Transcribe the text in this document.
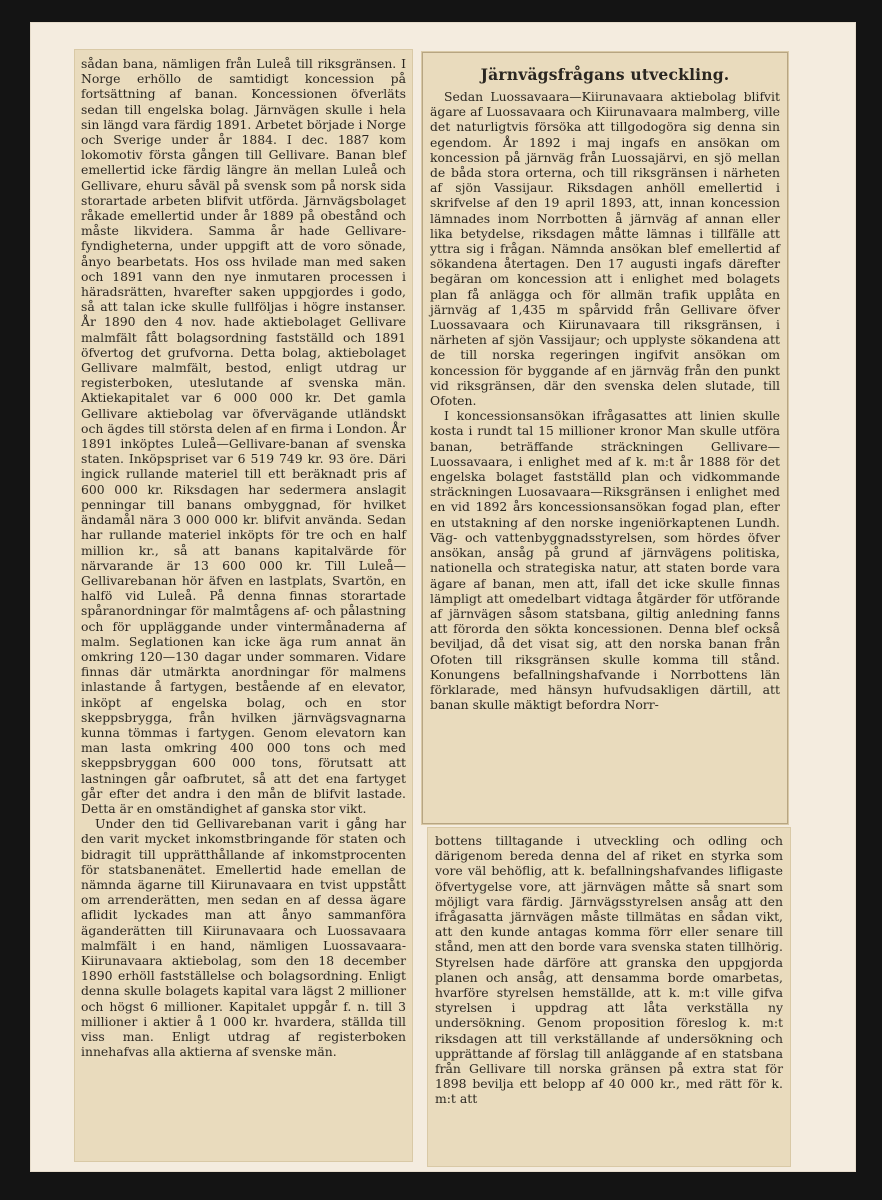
sådan bana, nämligen från Luleå till riksgränsen. I Norge erhöllo de samtidigt koncession på fortsättning af banan. Koncessionen öfverläts sedan till engelska bolag. Järnvägen skulle i hela sin längd vara färdig 1891. Arbetet började i Norge och Sverige under år 1884. I dec. 1887 kom lokomotiv första gången till Gellivare. Banan blef emellertid icke färdig längre än mellan Luleå och Gellivare, ehuru såväl på svensk som på norsk sida storartade arbeten blifvit utförda. Järnvägsbolaget råkade emellertid under år 1889 på obestånd och måste likvidera. Samma år hade Gellivare-fyndigheterna, under uppgift att de voro sönade, ånyo bearbetats. Hos oss hvilade man med saken och 1891 vann den nye inmutaren processen i häradsrätten, hvarefter saken uppgjordes i godo, så att talan icke skulle fullföljas i högre instanser. År 1890 den 4 nov. hade aktiebolaget Gellivare malmfält fått bolagsordning fastställd och 1891 öfvertog det grufvorna. Detta bolag, aktiebolaget Gellivare malmfält, bestod, enligt utdrag ur registerboken, uteslutande af svenska män. Aktiekapitalet var 6 000 000 kr. Det gamla Gellivare aktiebolag var öfvervägande utländskt och ägdes till största delen af en firma i London. År 1891 inköptes Luleå—Gellivare-banan af svenska staten. Inköpspriset var 6 519 749 kr. 93 öre. Däri ingick rullande materiel till ett beräknadt pris af 600 000 kr. Riksdagen har sedermera anslagit penningar till banans ombyggnad, för hvilket ändamål nära 3 000 000 kr. blifvit använda. Sedan har rullande materiel inköpts för tre och en half million kr., så att banans kapitalvärde för närvarande är 13 600 000 kr. Till Luleå—Gellivarebanan hör äfven en lastplats, Svartön, en halfö vid Luleå. På denna finnas storartade spåranordningar för malmtågens af- och pålastning och för uppläggande under vintermånaderna af malm. Seglationen kan icke äga rum annat än omkring 120—130 dagar under sommaren. Vidare finnas där utmärkta anordningar för malmens inlastande å fartygen, bestående af en elevator, inköpt af engelska bolag, och en stor skeppsbrygga, från hvilken järnvägsvagnarna kunna tömmas i fartygen. Genom elevatorn kan man lasta omkring 400 000 tons och med skeppsbryggan 600 000 tons, förutsatt att lastningen går oafbrutet, så att det ena fartyget går efter det andra i den mån de blifvit lastade. Detta är en omständighet af ganska stor vikt.

Under den tid Gellivarebanan varit i gång har den varit mycket inkomstbringande för staten och bidragit till upprätthållande af inkomstprocenten för statsbanenätet. Emellertid hade emellan de nämnda ägarne till Kiirunavaara en tvist uppstått om arrenderätten, men sedan en af dessa ägare aflidit lyckades man att ånyo sammanföra äganderätten till Kiirunavaara och Luossavaara malmfält i en hand, nämligen Luossavaara-Kiirunavaara aktiebolag, som den 18 december 1890 erhöll fastställelse och bolagsordning. Enligt denna skulle bolagets kapital vara lägst 2 millioner och högst 6 millioner. Kapitalet uppgår f. n. till 3 millioner i aktier å 1 000 kr. hvardera, ställda till viss man. Enligt utdrag af registerboken innehafvas alla aktierna af svenske män.

Järnvägsfrågans utveckling.

Sedan Luossavaara—Kiirunavaara aktiebolag blifvit ägare af Luossavaara och Kiirunavaara malmberg, ville det naturligtvis försöka att tillgodogöra sig denna sin egendom. År 1892 i maj ingafs en ansökan om koncession på järnväg från Luossajärvi, en sjö mellan de båda stora orterna, och till riksgränsen i närheten af sjön Vassijaur. Riksdagen anhöll emellertid i skrifvelse af den 19 april 1893, att, innan koncession lämnades inom Norrbotten å järnväg af annan eller lika betydelse, riksdagen måtte lämnas i tillfälle att yttra sig i frågan. Nämnda ansökan blef emellertid af sökandena återtagen. Den 17 augusti ingafs därefter begäran om koncession att i enlighet med bolagets plan få anlägga och för allmän trafik upplåta en järnväg af 1,435 m spårvidd från Gellivare öfver Luossavaara och Kiirunavaara till riksgränsen, i närheten af sjön Vassijaur; och upplyste sökandena att de till norska regeringen ingifvit ansökan om koncession för byggande af en järnväg från den punkt vid riksgränsen, där den svenska delen slutade, till Ofoten.

I koncessionsansökan ifrågasattes att linien skulle kosta i rundt tal 15 millioner kronor Man skulle utföra banan, beträffande sträckningen Gellivare—Luossavaara, i enlighet med af k. m:t år 1888 för det engelska bolaget fastställd plan och vidkommande sträckningen Luosavaara—Riksgränsen i enlighet med en vid 1892 års koncessionsansökan fogad plan, efter en utstakning af den norske ingeniörkaptenen Lundh. Väg- och vattenbyggnadsstyrelsen, som hördes öfver ansökan, ansåg på grund af järnvägens politiska, nationella och strategiska natur, att staten borde vara ägare af banan, men att, ifall det icke skulle finnas lämpligt att omedelbart vidtaga åtgärder för utförande af järnvägen såsom statsbana, giltig anledning fanns att förorda den sökta koncessionen. Denna blef också beviljad, då det visat sig, att den norska banan från Ofoten till riksgränsen skulle komma till stånd. Konungens befallningshafvande i Norrbottens län förklarade, med hänsyn hufvudsakligen därtill, att banan skulle mäktigt befordra Norr-

bottens tilltagande i utveckling och odling och därigenom bereda denna del af riket en styrka som vore väl behöflig, att k. befallningshafvandes lifligaste öfvertygelse vore, att järnvägen måtte så snart som möjligt vara färdig. Järnvägsstyrelsen ansåg att den ifrågasatta järnvägen måste tillmätas en sådan vikt, att den kunde antagas komma förr eller senare till stånd, men att den borde vara svenska staten tillhörig. Styrelsen hade därföre att granska den uppgjorda planen och ansåg, att densamma borde omarbetas, hvarföre styrelsen hemställde, att k. m:t ville gifva styrelsen i uppdrag att låta verkställa ny undersökning. Genom proposition föreslog k. m:t riksdagen att till verkställande af undersökning och upprättande af förslag till anläggande af en statsbana från Gellivare till norska gränsen på extra stat för 1898 bevilja ett belopp af 40 000 kr., med rätt för k. m:t att
